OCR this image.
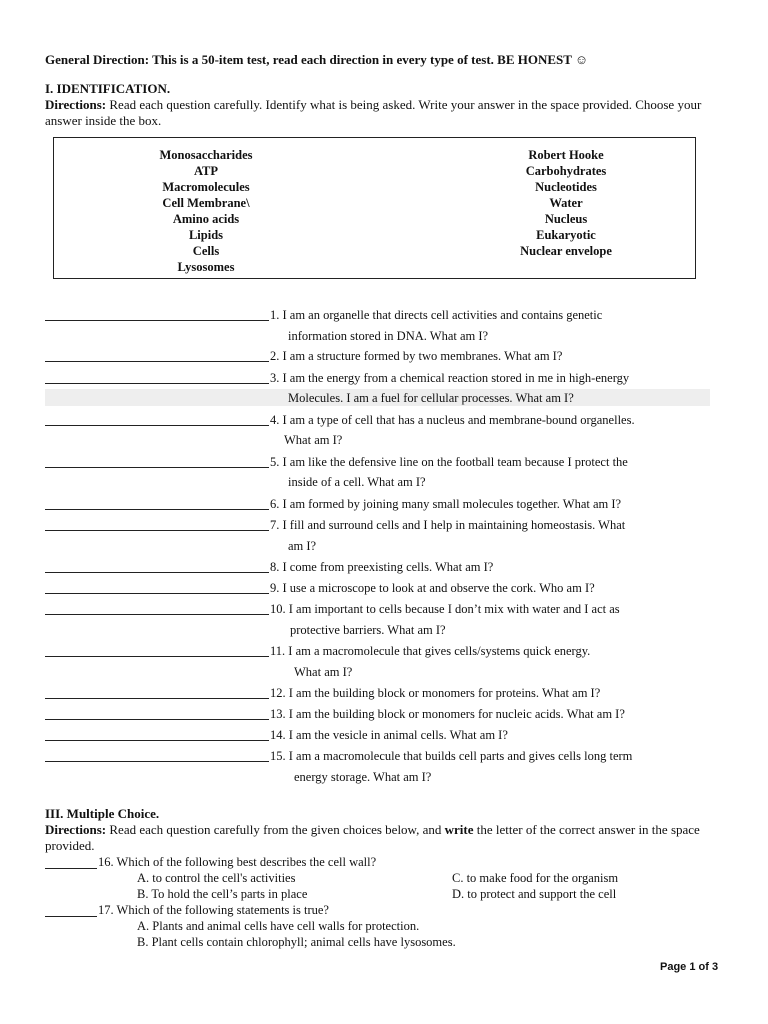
General Direction: This is a 50-item test, read each direction in every type of test. BE HONEST ☺
I. IDENTIFICATION.
Directions: Read each question carefully. Identify what is being asked. Write your answer in the space provided. Choose your answer inside the box.
Monosaccharides
ATP
Macromolecules
Cell Membrane\
Amino acids
Lipids
Cells
Lysosomes
Robert Hooke
Carbohydrates
Nucleotides
Water
Nucleus
Eukaryotic
Nuclear envelope
1. I am an organelle that directs cell activities and contains genetic
information stored in DNA. What am I?
2. I am a structure formed by two membranes. What am I?
3. I am the energy from a chemical reaction stored in me in high-energy
Molecules. I am a fuel for cellular processes. What am I?
4. I am a type of cell that has a nucleus and membrane-bound organelles.
What am I?
5. I am like the defensive line on the football team because I protect the
inside of a cell. What am I?
6. I am formed by joining many small molecules together. What am I?
7. I fill and surround cells and I help in maintaining homeostasis. What
am I?
8. I come from preexisting cells. What am I?
9. I use a microscope to look at and observe the cork. Who am I?
10. I am important to cells because I don’t mix with water and I act as
protective barriers. What am I?
11. I am a macromolecule that gives cells/systems quick energy.
What am I?
12. I am the building block or monomers for proteins. What am I?
13. I am the building block or monomers for nucleic acids. What am I?
14. I am the vesicle in animal cells. What am I?
15. I am a macromolecule that builds cell parts and gives cells long term
energy storage. What am I?
III. Multiple Choice.
Directions: Read each question carefully from the given choices below, and write the letter of the correct answer in the space provided.
16. Which of the following best describes the cell wall?
A. to control the cell's activities	C. to make food for the organism
B. To hold the cell’s parts in place	D. to protect and support the cell
17. Which of the following statements is true?
A. Plants and animal cells have cell walls for protection.
B. Plant cells contain chlorophyll; animal cells have lysosomes.
Page 1 of 3
